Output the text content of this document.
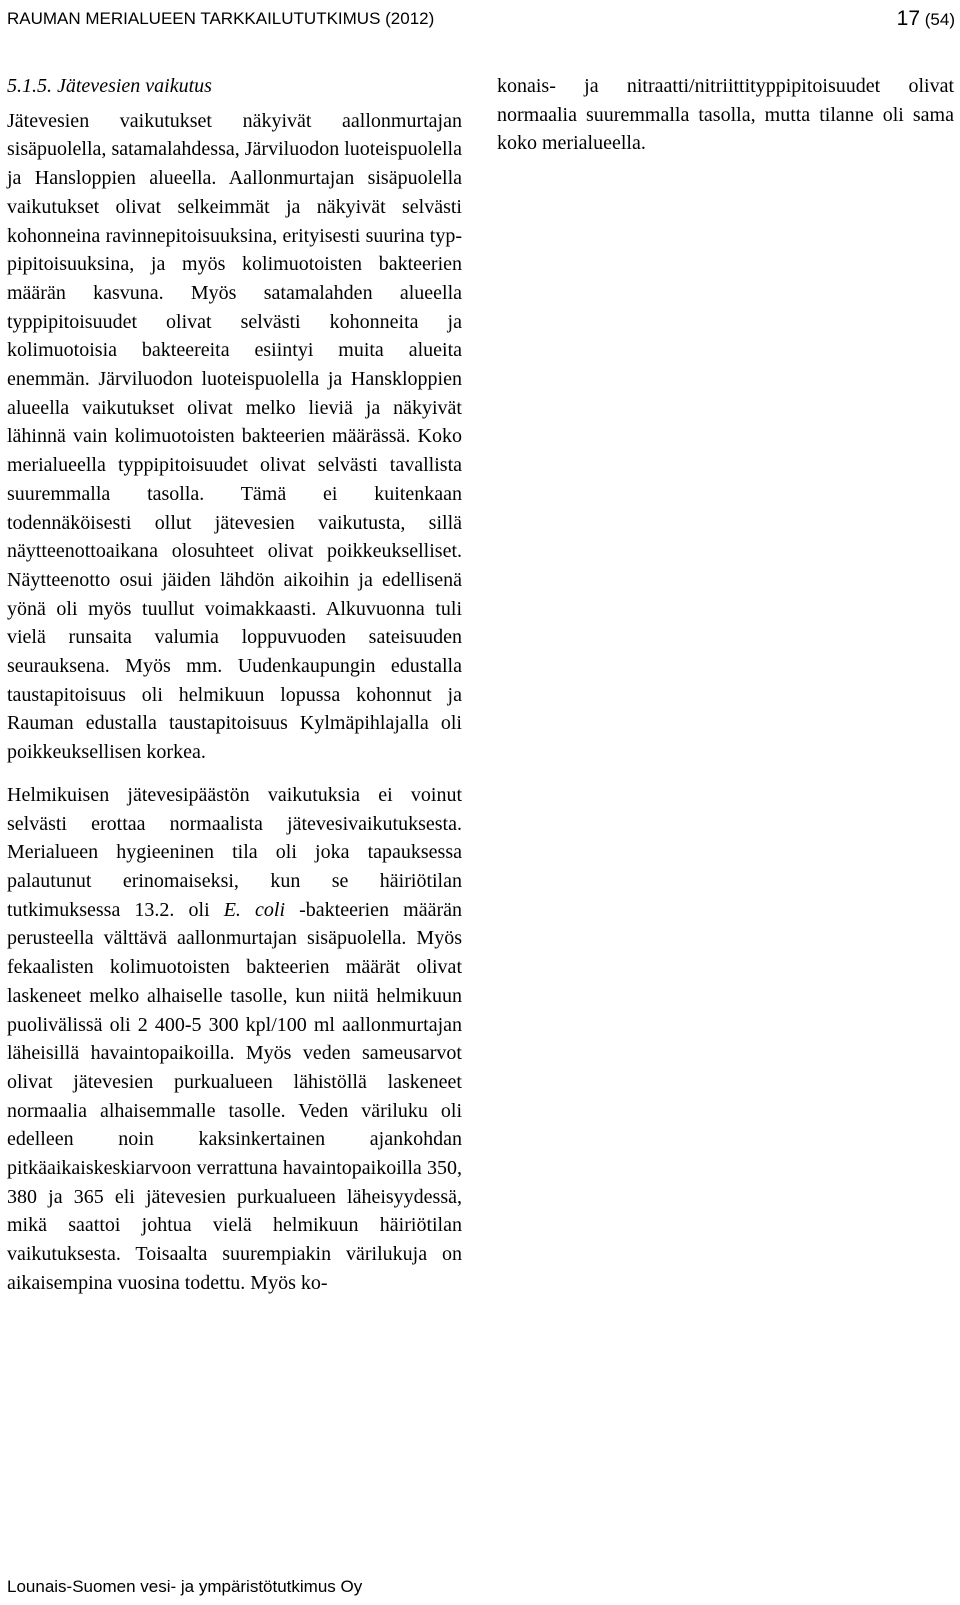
RAUMAN MERIALUEEN TARKKAILUTUTKIMUS (2012)	17 (54)
5.1.5. Jätevesien vaikutus

Jätevesien vaikutukset näkyivät aallonmurtajan sisäpuolella, satamalahdessa, Järviluodon luoteispuolella ja Hansloppien alueella. Aallonmurtajan sisäpuolella vaikutukset olivat selkeimmät ja näkyivät selvästi kohonneina ravinnepitoisuuksina, erityisesti suurina typpipitoisuuksina, ja myös kolimuotoisten bakteerien määrän kasvuna. Myös satamalahden alueella typpipitoisuudet olivat selvästi kohonneita ja kolimuotoisia bakteereita esiintyi muita alueita enemmän. Järviluodon luoteispuolella ja Hanskloppien alueella vaikutukset olivat melko lieviä ja näkyivät lähinnä vain kolimuotoisten bakteerien määrässä. Koko merialueella typpipitoisuudet olivat selvästi tavallista suuremmalla tasolla. Tämä ei kuitenkaan todennäköisesti ollut jätevesien vaikutusta, sillä näytteenottoaikana olosuhteet olivat poikkeukselliset. Näytteenotto osui jäiden lähdön aikoihin ja edellisenä yönä oli myös tuullut voimakkaasti. Alkuvuonna tuli vielä runsaita valumia loppuvuoden sateisuuden seurauksena. Myös mm. Uudenkaupungin edustalla taustapitoisuus oli helmikuun lopussa kohonnut ja Rauman edustalla taustapitoisuus Kylmäpihlajalla oli poikkeuksellisen korkea.

Helmikuisen jätevesipäästön vaikutuksia ei voinut selvästi erottaa normaalista jätevesivaikutuksesta. Merialueen hygieeninen tila oli joka tapauksessa palautunut erinomaiseksi, kun se häiriötilan tutkimuksessa 13.2. oli E. coli -bakteerien määrän perusteella välttävä aallonmurtajan sisäpuolella. Myös fekaalisten kolimuotoisten bakteerien määrät olivat laskeneet melko alhaiselle tasolle, kun niitä helmikuun puolivälissä oli 2 400-5 300 kpl/100 ml aallonmurtajan läheisillä havaintopaikoilla. Myös veden sameusarvot olivat jätevesien purkualueen lähistöllä laskeneet normaalia alhaisemmalle tasolle. Veden väriluku oli edelleen noin kaksinkertainen ajankohdan pitkäaikaiskeskiarvoon verrattuna havaintopaikoilla 350, 380 ja 365 eli jätevesien purkualueen läheisyydessä, mikä saattoi johtua vielä helmikuun häiriötilan vaikutuksesta. Toisaalta suurempiakin värilukuja on aikaisempina vuosina todettu. Myös ko-

konais- ja nitraatti/nitriittityppipitoisuudet olivat normaalia suuremmalla tasolla, mutta tilanne oli sama koko merialueella.

Lounais-Suomen vesi- ja ympäristötutkimus Oy
